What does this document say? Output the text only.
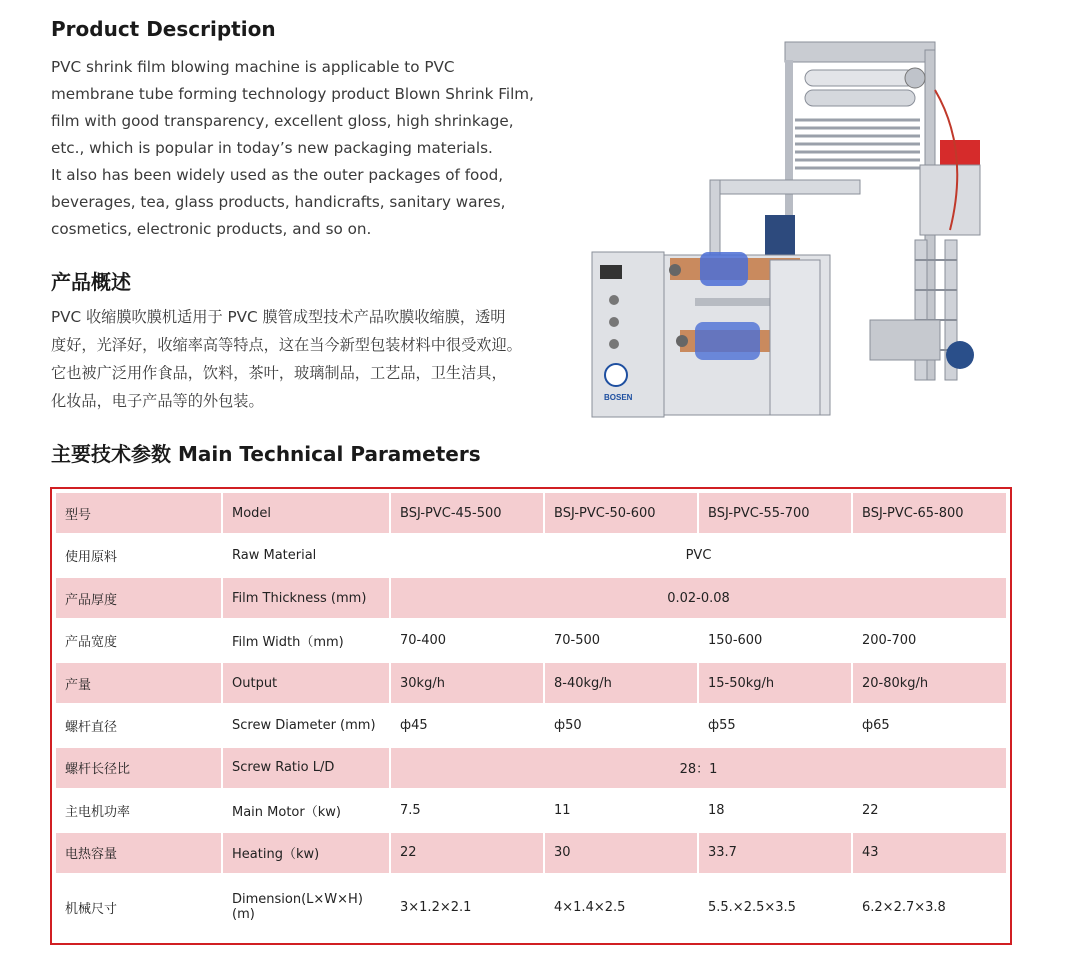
Product Description

PVC shrink film blowing machine is applicable to PVC

membrane tube forming technology product Blown Shrink Film,

film with good transparency, excellent gloss, high shrinkage,

etc., which is popular in today’s new packaging materials.

It also has been widely used as the outer packages of food,

beverages, tea, glass products, handicrafts, sanitary wares,

cosmetics, electronic products, and so on.

产品概述

PVC 收缩膜吹膜机适用于 PVC 膜管成型技术产品吹膜收缩膜，透明

度好，光泽好，收缩率高等特点，这在当今新型包装材料中很受欢迎。

它也被广泛用作食品，饮料，茶叶，玻璃制品，工艺品，卫生洁具，

化妆品，电子产品等的外包装。	BOSEN
主要技术参数 Main Technical Parameters
型号	Model	BSJ-PVC-45-500	BSJ-PVC-50-600	BSJ-PVC-55-700	BSJ-PVC-65-800
使用原料	Raw Material	PVC			
产品厚度	Film Thickness (mm)	0.02-0.08			
产品宽度	Film Width（mm)	70-400	70-500	150-600	200-700
产量	Output	30kg/h	8-40kg/h	15-50kg/h	20-80kg/h
螺杆直径	Screw Diameter (mm)	ф45	ф50	ф55	ф65
螺杆长径比	Screw Ratio L/D	28：1			
主电机功率	Main Motor（kw)	7.5	11	18	22
电热容量	Heating（kw)	22	30	33.7	43
机械尺寸	Dimension(L×W×H) (m)	3×1.2×2.1	4×1.4×2.5	5.5.×2.5×3.5	6.2×2.7×3.8
